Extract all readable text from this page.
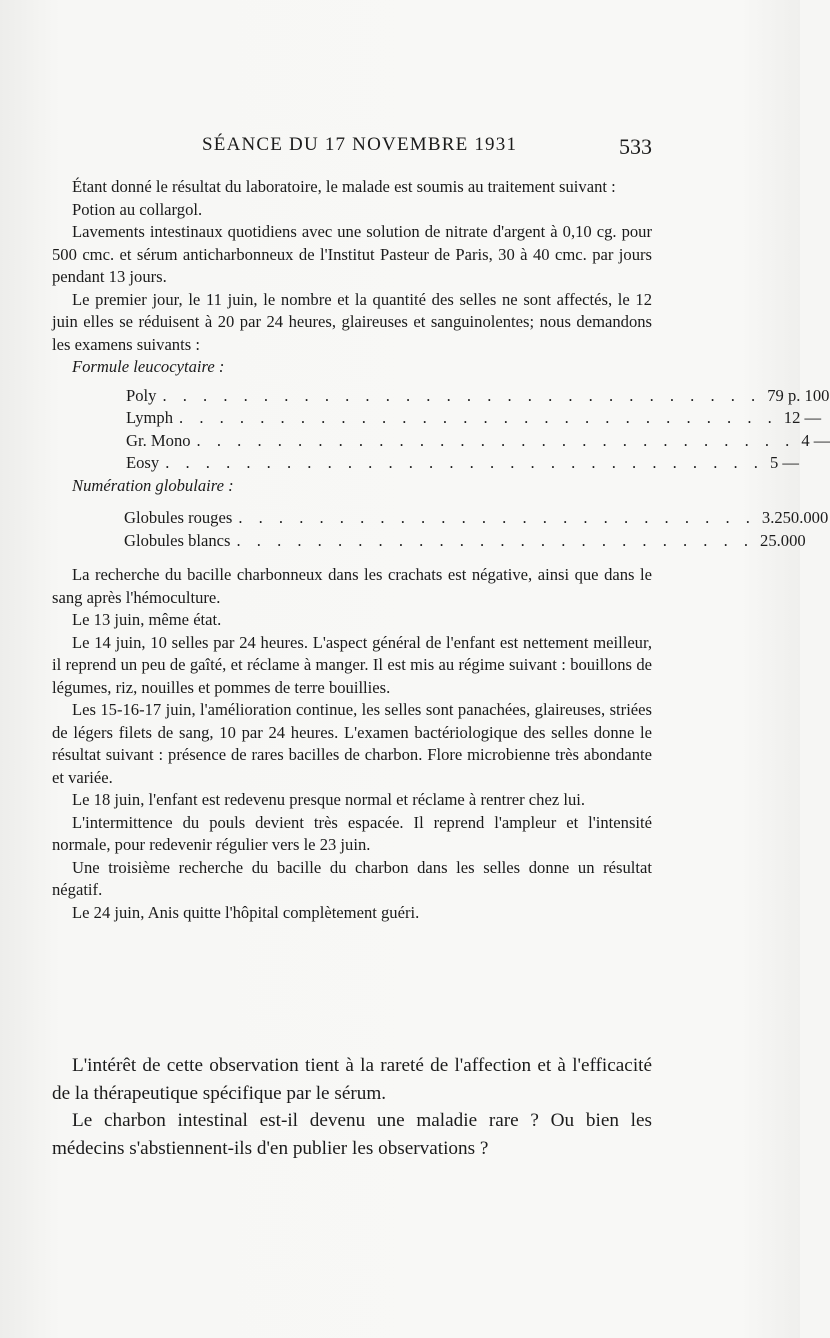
SÉANCE DU 17 NOVEMBRE 1931	533

Étant donné le résultat du laboratoire, le malade est soumis au traitement suivant :

Potion au collargol.

Lavements intestinaux quotidiens avec une solution de nitrate d'argent à 0,10 cg. pour 500 cmc. et sérum anticharbonneux de l'Institut Pasteur de Paris, 30 à 40 cmc. par jours pendant 13 jours.

Le premier jour, le 11 juin, le nombre et la quantité des selles ne sont affectés, le 12 juin elles se réduisent à 20 par 24 heures, glaireuses et sanguinolentes; nous demandons les examens suivants :

Formule leucocytaire :

Poly . . . . . . . . . . . . . . . . . . . . . . . . . . . . . . 79 p. 100
Lymph . . . . . . . . . . . . . . . . . . . . . . . . . . . . . . 12 —
Gr. Mono . . . . . . . . . . . . . . . . . . . . . . . . . . . . . . 4 —
Eosy . . . . . . . . . . . . . . . . . . . . . . . . . . . . . . 5 —

Numération globulaire :

Globules rouges . . . . . . . . . . . . . . . . . . . . . . . . . . 3.250.000
Globules blancs . . . . . . . . . . . . . . . . . . . . . . . . . . 25.000

La recherche du bacille charbonneux dans les crachats est négative, ainsi que dans le sang après l'hémoculture.

Le 13 juin, même état.

Le 14 juin, 10 selles par 24 heures. L'aspect général de l'enfant est nettement meilleur, il reprend un peu de gaîté, et réclame à manger. Il est mis au régime suivant : bouillons de légumes, riz, nouilles et pommes de terre bouillies.

Les 15-16-17 juin, l'amélioration continue, les selles sont panachées, glaireuses, striées de légers filets de sang, 10 par 24 heures. L'examen bactériologique des selles donne le résultat suivant : présence de rares bacilles de charbon. Flore microbienne très abondante et variée.

Le 18 juin, l'enfant est redevenu presque normal et réclame à rentrer chez lui.

L'intermittence du pouls devient très espacée. Il reprend l'ampleur et l'intensité normale, pour redevenir régulier vers le 23 juin.

Une troisième recherche du bacille du charbon dans les selles donne un résultat négatif.

Le 24 juin, Anis quitte l'hôpital complètement guéri.

L'intérêt de cette observation tient à la rareté de l'affection et à l'efficacité de la thérapeutique spécifique par le sérum.

Le charbon intestinal est-il devenu une maladie rare ? Ou bien les médecins s'abstiennent-ils d'en publier les observations ?
